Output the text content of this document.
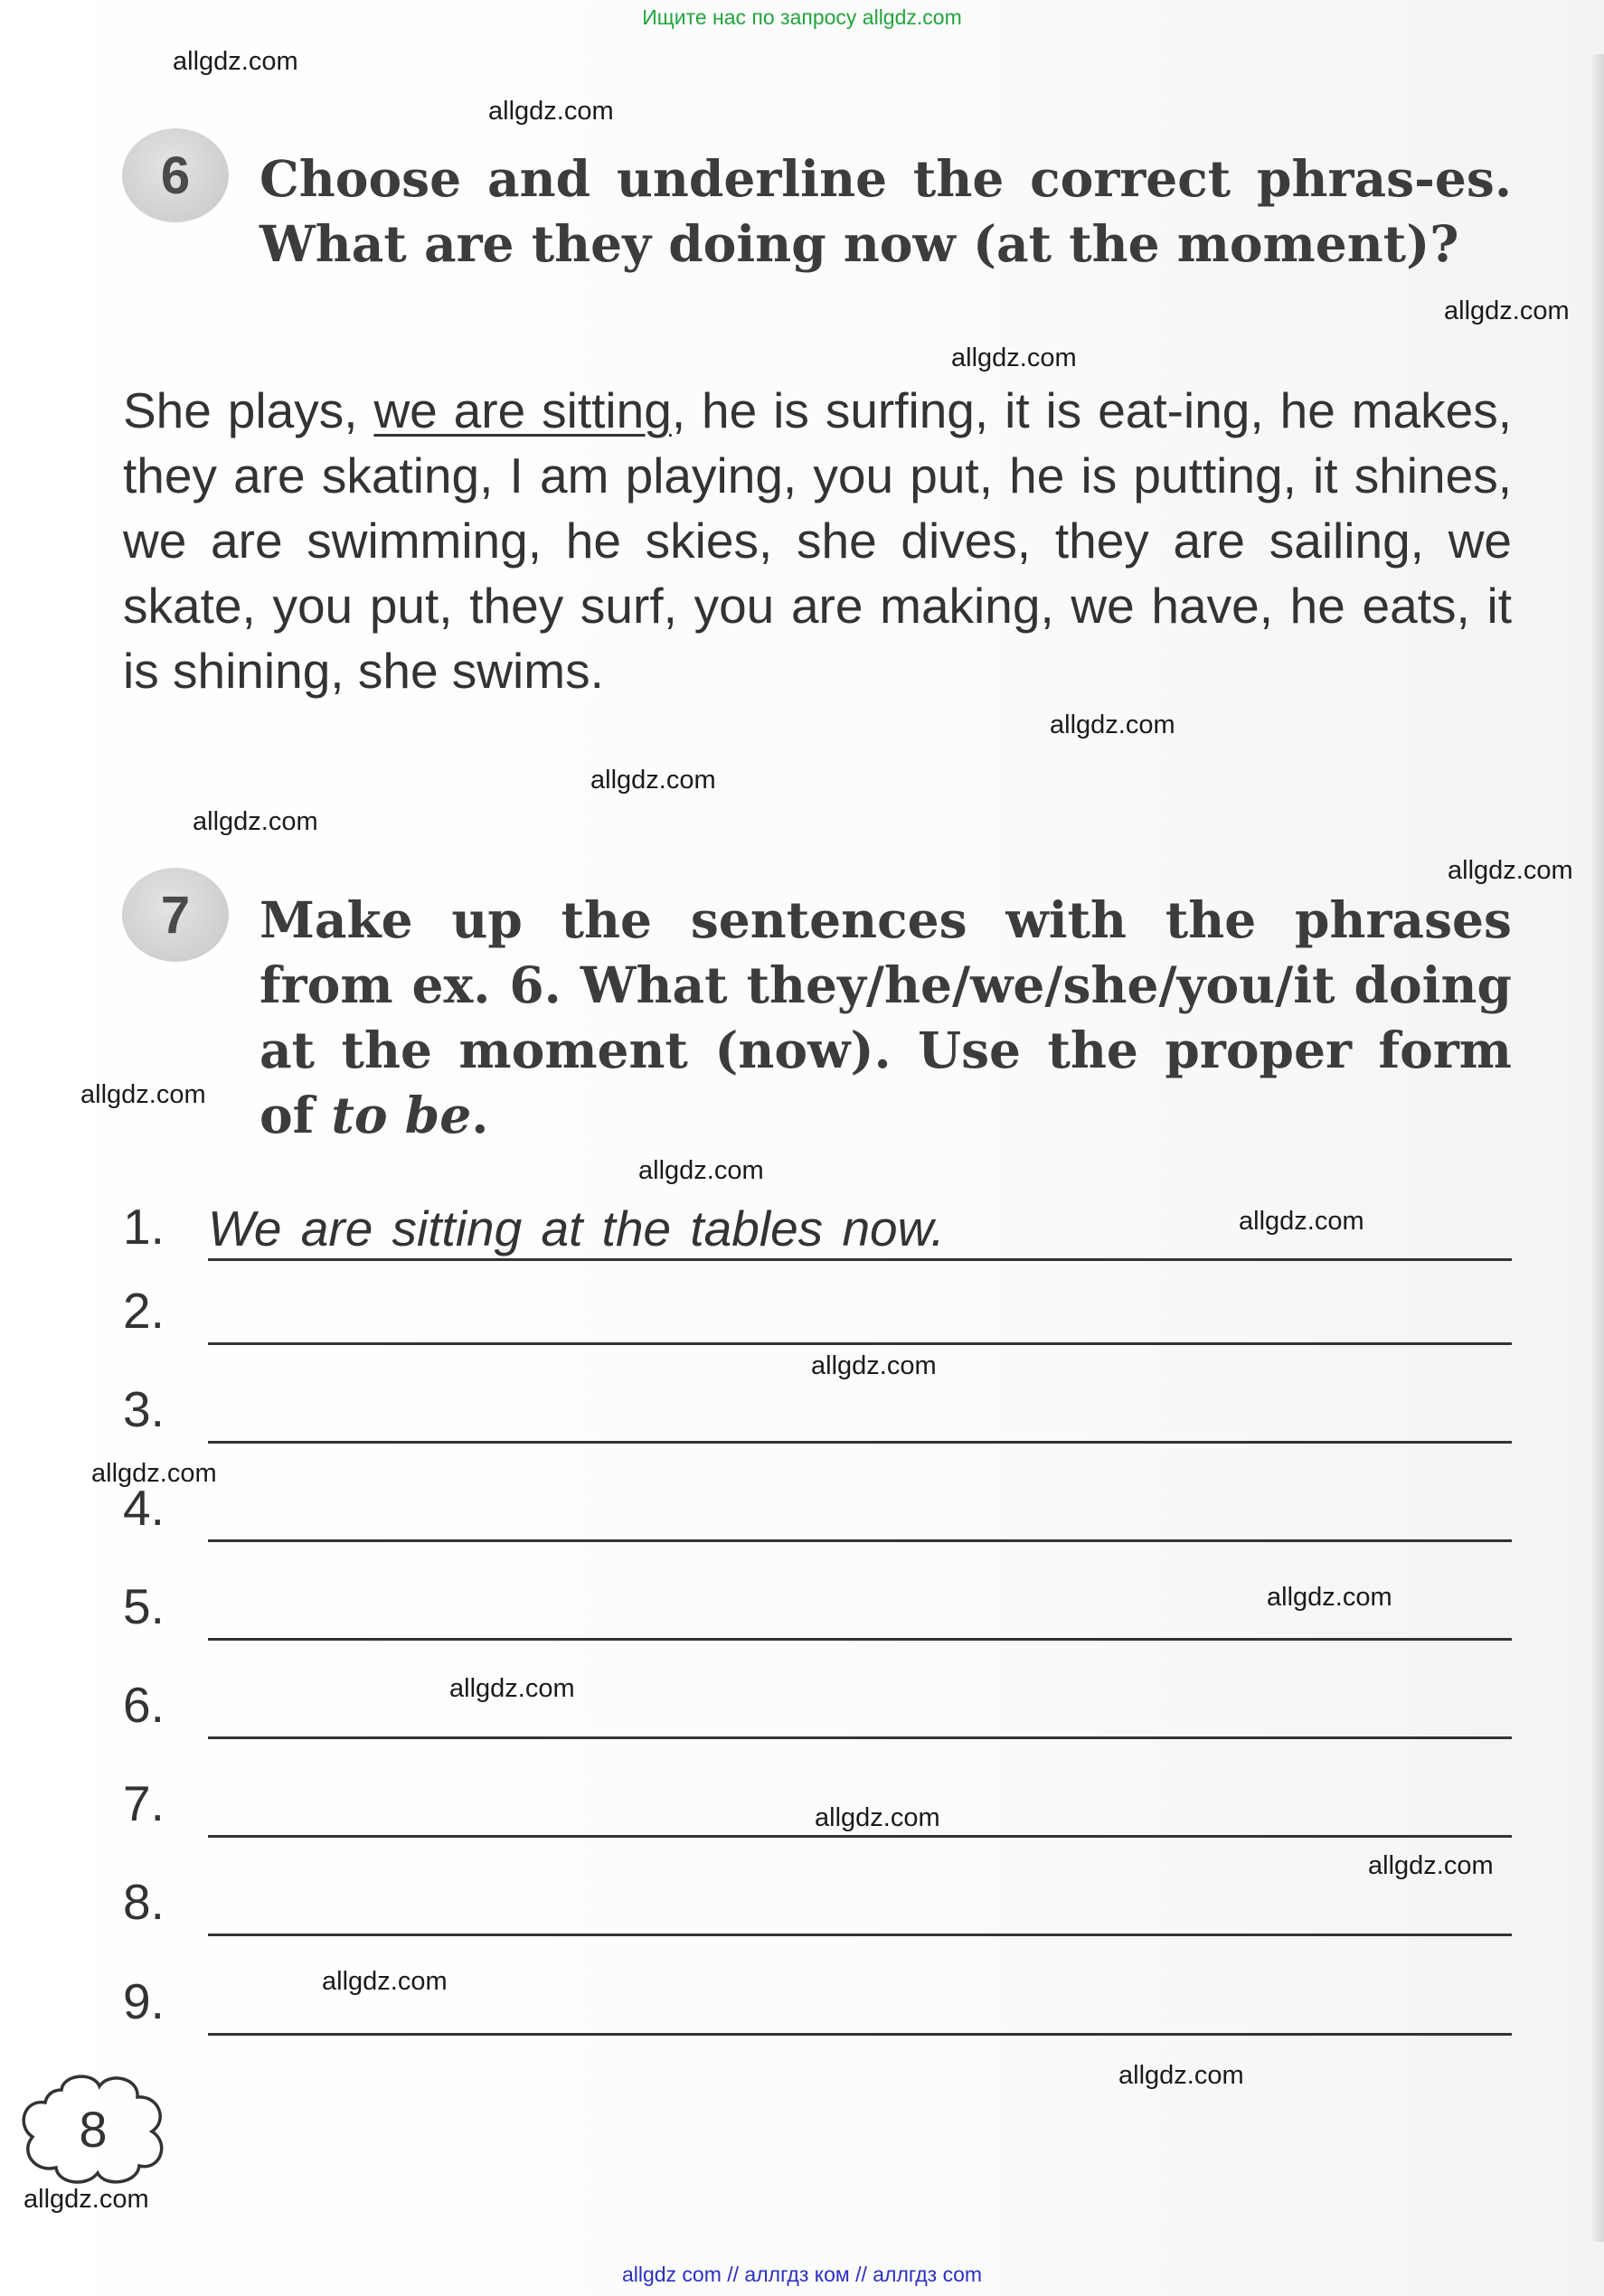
Ищите нас по запросу allgdz.com
6	Choose and underline the correct phras-es. What are they doing now (at the moment)?
She plays, we are sitting, he is surfing, it is eat-ing, he makes, they are skating, I am playing, you put, he is putting, it shines, we are swimming, he skies, she dives, they are sailing, we skate, you put, they surf, you are making, we have, he eats, it is shining, she swims.
7	Make up the sentences with the phrases from ex. 6. What they/he/we/she/you/it doing at the moment (now). Use the proper form of to be.
1. We are sitting at the tables now.
2.
3.
4.
5.
6.
7.
8.
9.
8
allgdz.com
allgdz.com
allgdz.com
allgdz.com
allgdz.com
allgdz.com
allgdz.com
allgdz.com
allgdz.com
allgdz.com
allgdz.com
allgdz.com
allgdz.com
allgdz.com
allgdz.com
allgdz.com
allgdz.com
allgdz.com
allgdz.com
allgdz.com
allgdz com // аллгдз ком // аллгдз com
